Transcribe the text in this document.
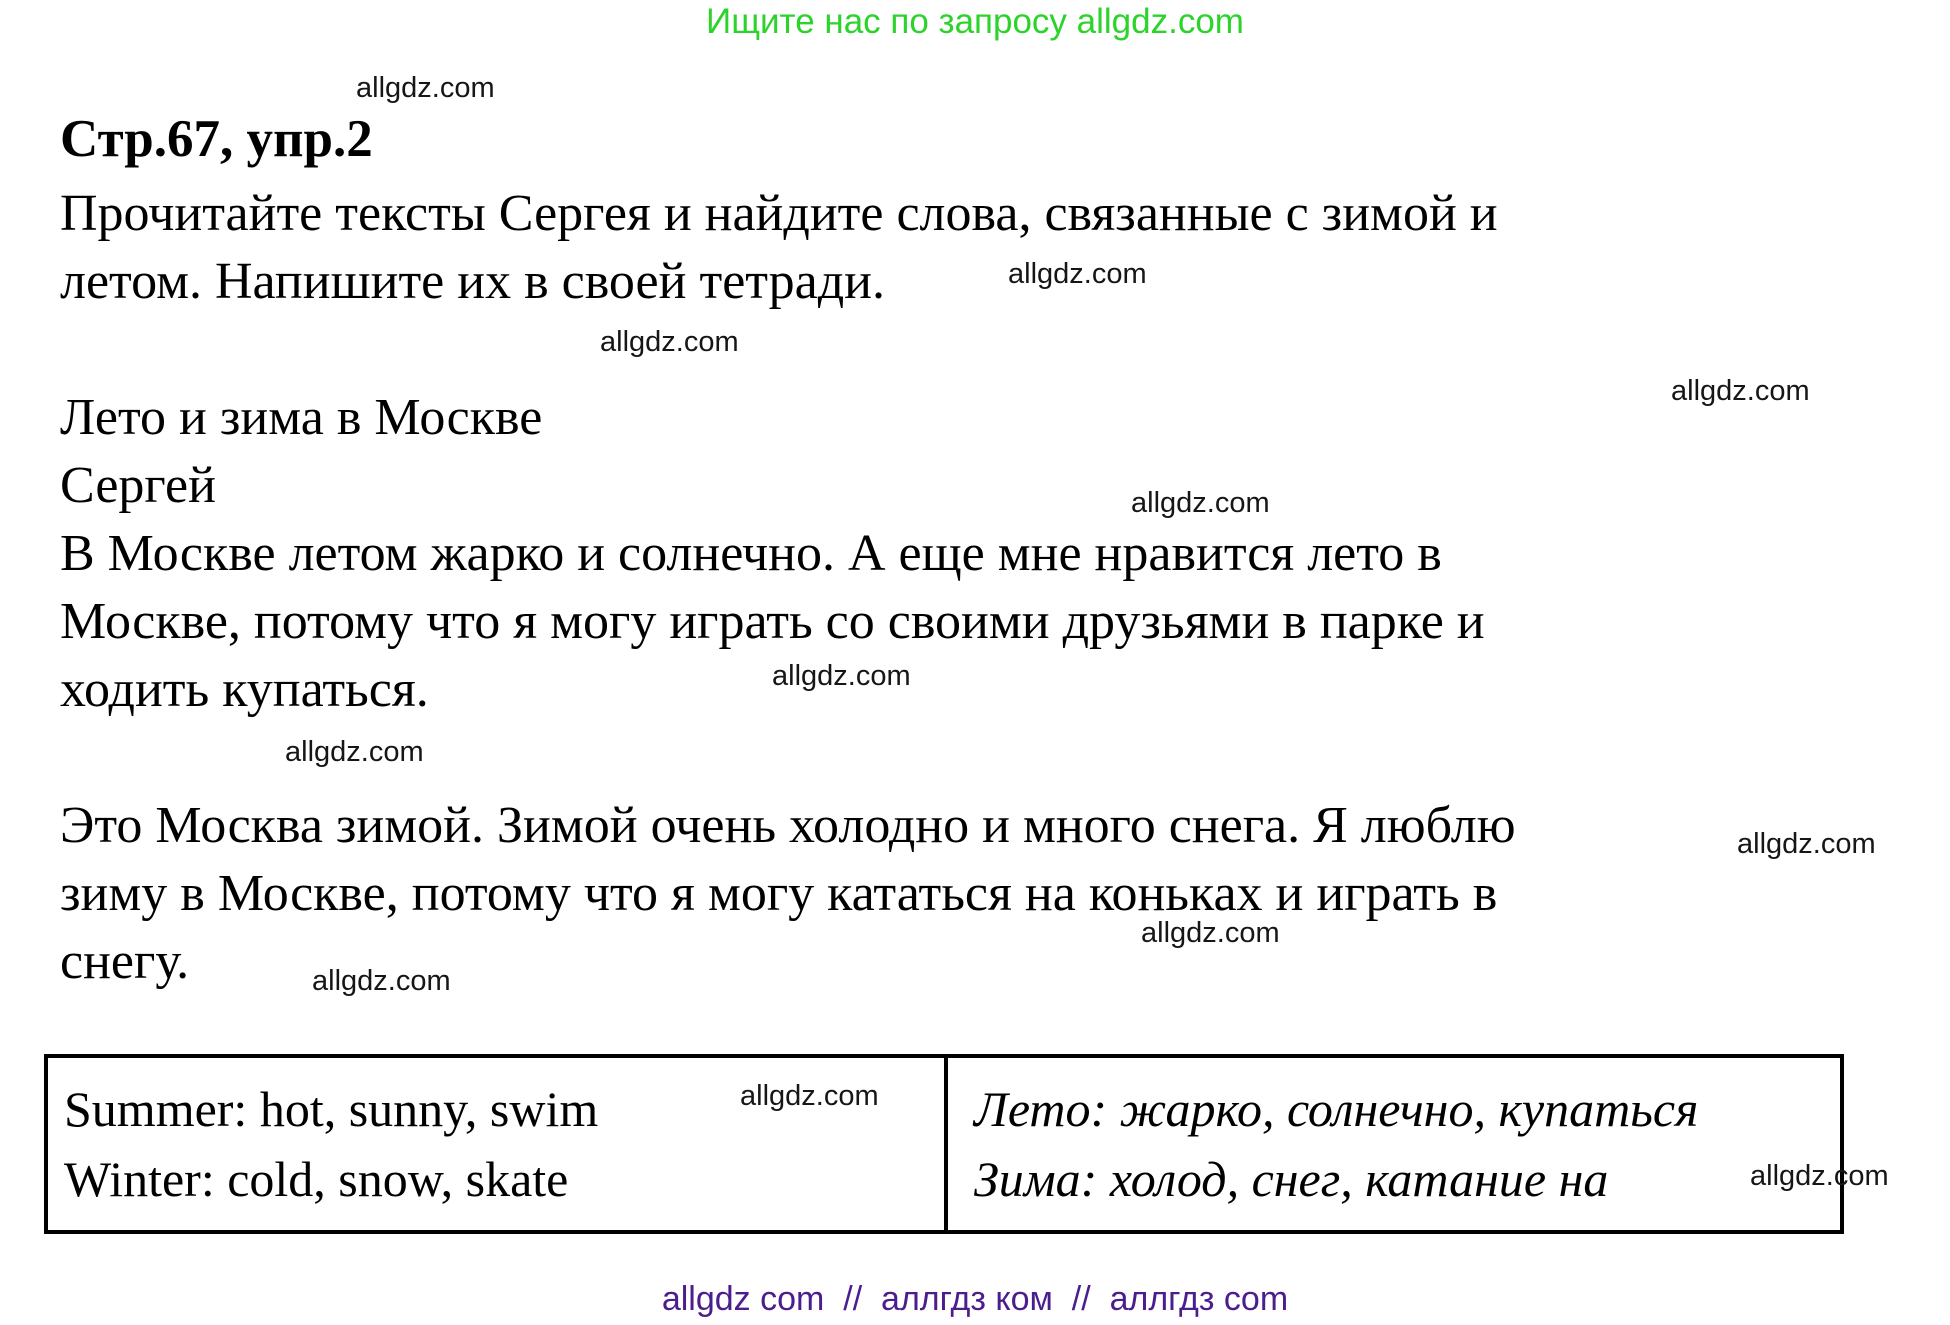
Ищите нас по запросу allgdz.com
allgdz.com
allgdz.com
allgdz.com
allgdz.com
allgdz.com
allgdz.com
allgdz.com
allgdz.com
allgdz.com
allgdz.com
Стр.67, упр.2
Прочитайте тексты Сергея и найдите слова, связанные с зимой и
летом. Напишите их в своей тетради.
Лето и зима в Москве
Сергей
В Москве летом жарко и солнечно. А еще мне нравится лето в
Москве, потому что я могу играть со своими друзьями в парке и
ходить купаться.
Это Москва зимой. Зимой очень холодно и много снега. Я люблю
зиму в Москве, потому что я могу кататься на коньках и играть в
снегу.
Summer: hot, sunny, swim
Winter: cold, snow, skate
Лето: жарко, солнечно, купаться
Зима: холод, снег, катание на
allgdz.com
allgdz.com
allgdz com  //  аллгдз ком  //  аллгдз com
